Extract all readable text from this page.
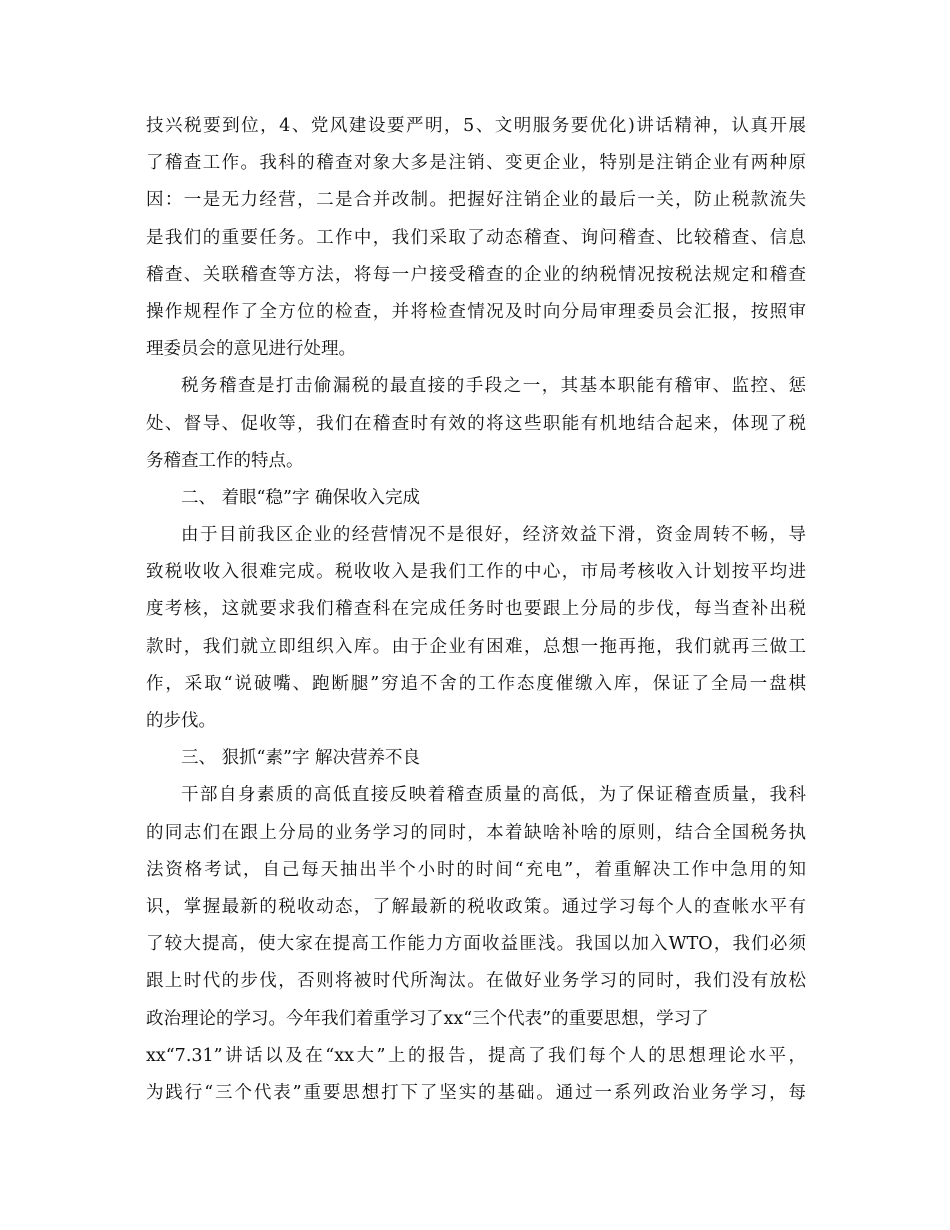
技兴税要到位，4、党风建设要严明，5、文明服务要优化)讲话精神，认真开展
了稽查工作。我科的稽查对象大多是注销、变更企业，特别是注销企业有两种原
因：一是无力经营，二是合并改制。把握好注销企业的最后一关，防止税款流失
是我们的重要任务。工作中，我们采取了动态稽查、询问稽查、比较稽查、信息
稽查、关联稽查等方法，将每一户接受稽查的企业的纳税情况按税法规定和稽查
操作规程作了全方位的检查，并将检查情况及时向分局审理委员会汇报，按照审
理委员会的意见进行处理。
税务稽查是打击偷漏税的最直接的手段之一，其基本职能有稽审、监控、惩
处、督导、促收等，我们在稽查时有效的将这些职能有机地结合起来，体现了税
务稽查工作的特点。
二、 着眼“稳”字 确保收入完成
由于目前我区企业的经营情况不是很好，经济效益下滑，资金周转不畅，导
致税收收入很难完成。税收收入是我们工作的中心，市局考核收入计划按平均进
度考核，这就要求我们稽查科在完成任务时也要跟上分局的步伐，每当查补出税
款时，我们就立即组织入库。由于企业有困难，总想一拖再拖，我们就再三做工
作，采取“说破嘴、跑断腿”穷追不舍的工作态度催缴入库，保证了全局一盘棋
的步伐。
三、 狠抓“素”字 解决营养不良
干部自身素质的高低直接反映着稽查质量的高低，为了保证稽查质量，我科
的同志们在跟上分局的业务学习的同时，本着缺啥补啥的原则，结合全国税务执
法资格考试，自己每天抽出半个小时的时间“充电”，着重解决工作中急用的知
识，掌握最新的税收动态，了解最新的税收政策。通过学习每个人的查帐水平有
了较大提高，使大家在提高工作能力方面收益匪浅。我国以加入WTO，我们必须
跟上时代的步伐，否则将被时代所淘汰。在做好业务学习的同时，我们没有放松
政治理论的学习。今年我们着重学习了xx“三个代表”的重要思想，学习了
xx“7.31”讲话以及在“xx大”上的报告，提高了我们每个人的思想理论水平，
为践行“三个代表”重要思想打下了坚实的基础。通过一系列政治业务学习，每
